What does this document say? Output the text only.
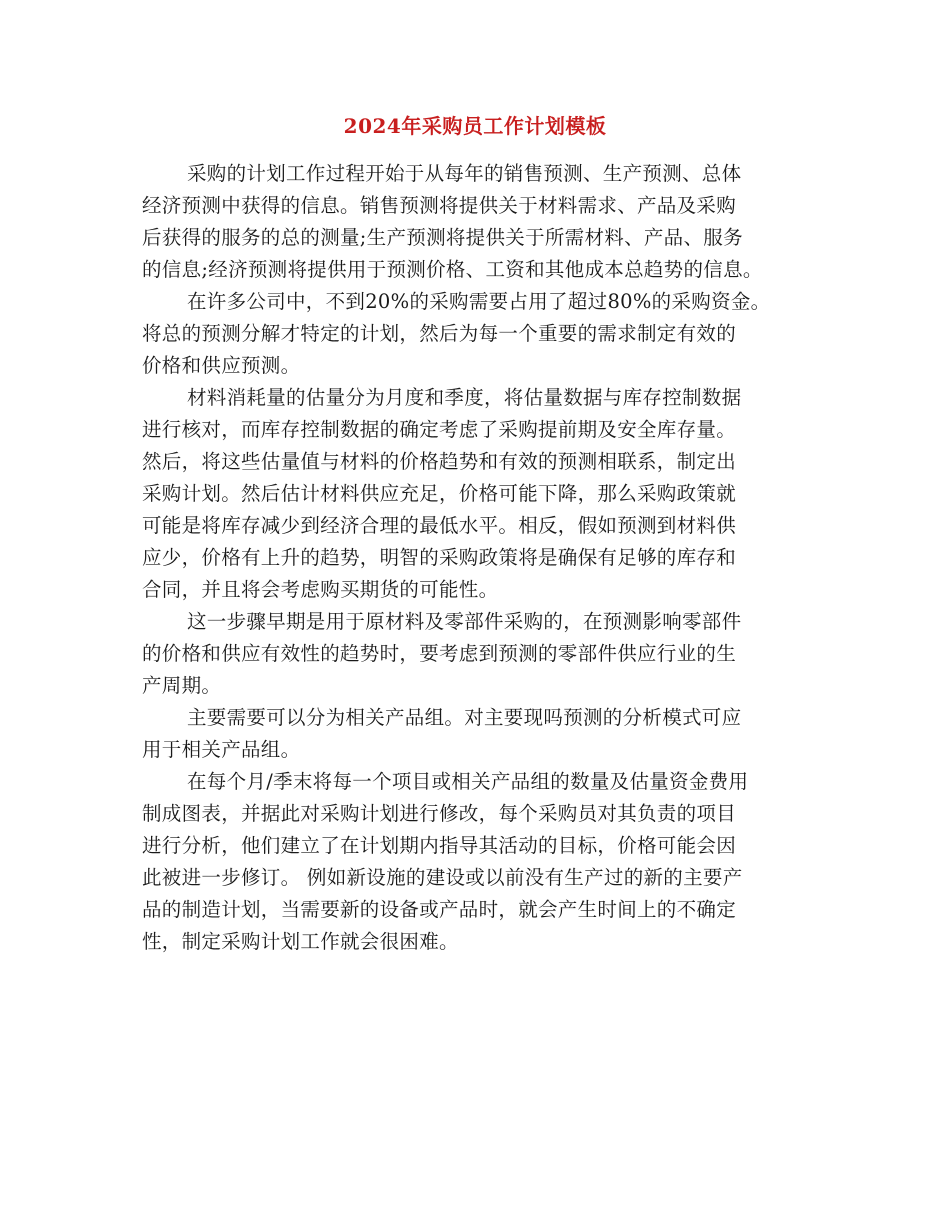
2024年采购员工作计划模板

采购的计划工作过程开始于从每年的销售预测、生产预测、总体
经济预测中获得的信息。销售预测将提供关于材料需求、产品及采购
后获得的服务的总的测量;生产预测将提供关于所需材料、产品、服务
的信息;经济预测将提供用于预测价格、工资和其他成本总趋势的信息。

在许多公司中，不到20%的采购需要占用了超过80%的采购资金。
将总的预测分解才特定的计划，然后为每一个重要的需求制定有效的
价格和供应预测。

材料消耗量的估量分为月度和季度，将估量数据与库存控制数据
进行核对，而库存控制数据的确定考虑了采购提前期及安全库存量。
然后，将这些估量值与材料的价格趋势和有效的预测相联系，制定出
采购计划。然后估计材料供应充足，价格可能下降，那么采购政策就
可能是将库存减少到经济合理的最低水平。相反，假如预测到材料供
应少，价格有上升的趋势，明智的采购政策将是确保有足够的库存和
合同，并且将会考虑购买期货的可能性。

这一步骤早期是用于原材料及零部件采购的，在预测影响零部件
的价格和供应有效性的趋势时，要考虑到预测的零部件供应行业的生
产周期。

主要需要可以分为相关产品组。对主要现吗预测的分析模式可应
用于相关产品组。

在每个月/季末将每一个项目或相关产品组的数量及估量资金费用
制成图表，并据此对采购计划进行修改，每个采购员对其负责的项目
进行分析，他们建立了在计划期内指导其活动的目标，价格可能会因
此被进一步修订。 例如新设施的建设或以前没有生产过的新的主要产
品的制造计划，当需要新的设备或产品时，就会产生时间上的不确定
性，制定采购计划工作就会很困难。
